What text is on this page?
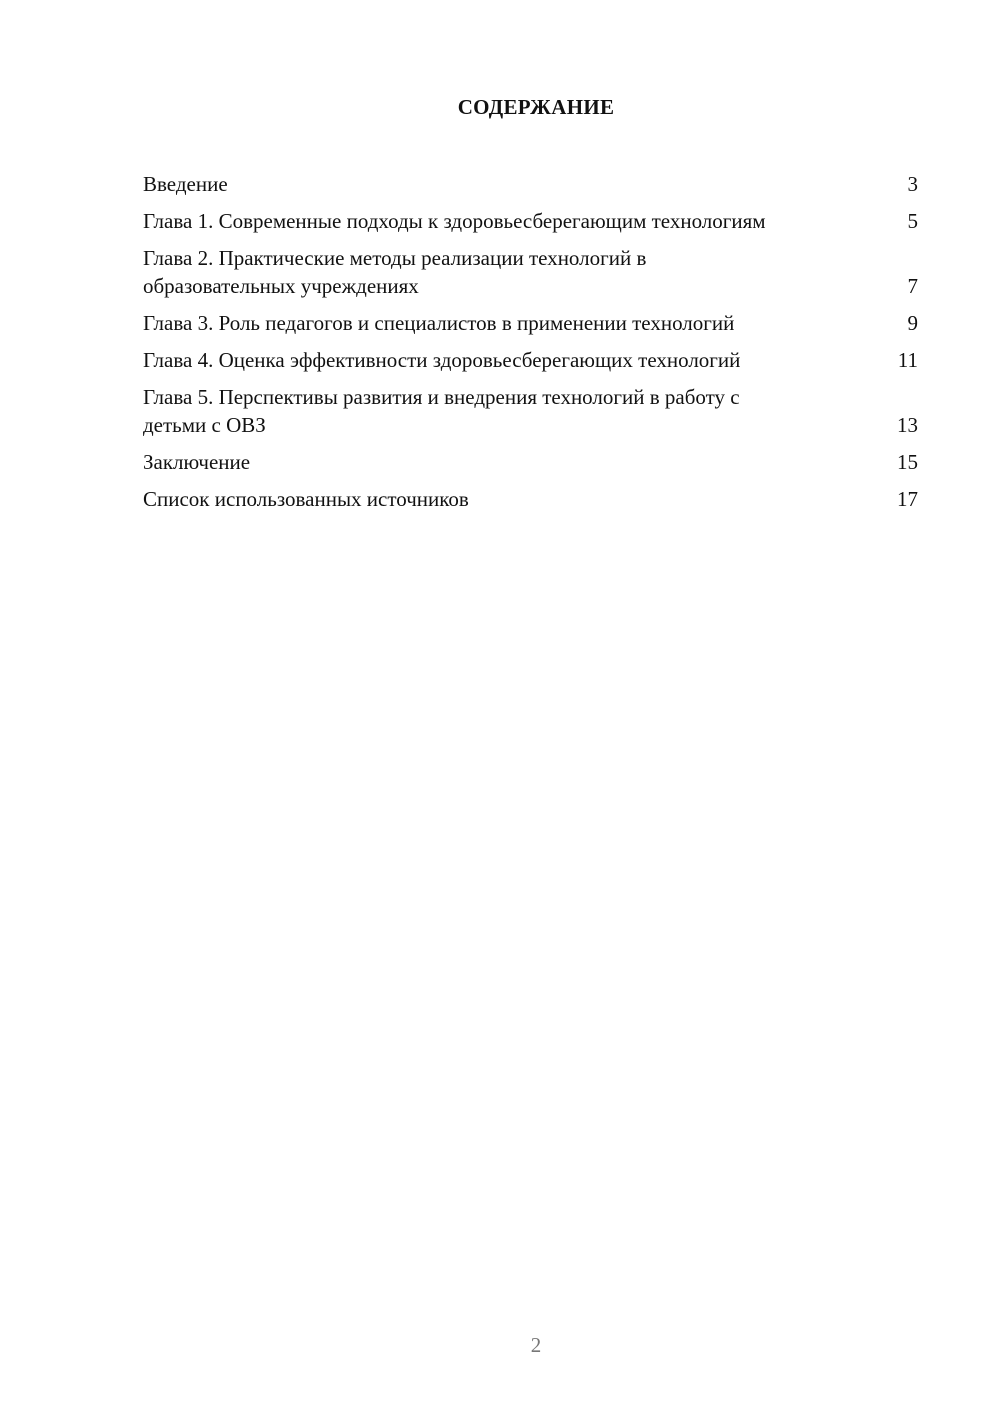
СОДЕРЖАНИЕ
Введение	3
Глава 1. Современные подходы к здоровьесберегающим технологиям	5
Глава 2. Практические методы реализации технологий в образовательных учреждениях	7
Глава 3. Роль педагогов и специалистов в применении технологий	9
Глава 4. Оценка эффективности здоровьесберегающих технологий	11
Глава 5. Перспективы развития и внедрения технологий в работу с детьми с ОВЗ	13
Заключение	15
Список использованных источников	17
2
